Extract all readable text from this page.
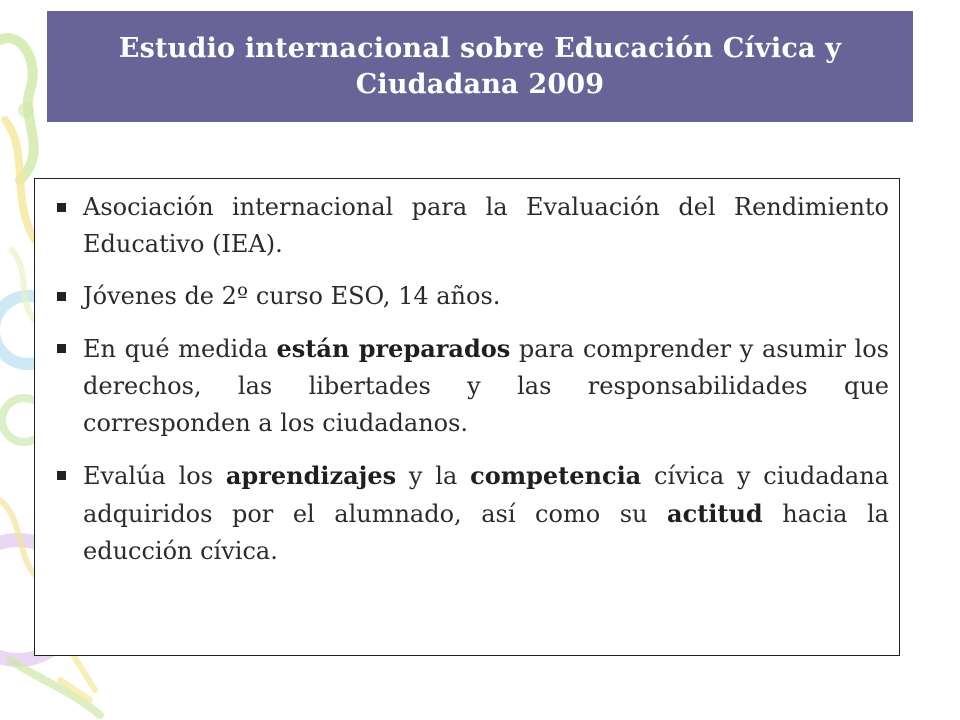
Estudio internacional sobre Educación Cívica y Ciudadana 2009
Asociación internacional para la Evaluación del Rendimiento Educativo (IEA).
Jóvenes de 2º curso ESO, 14 años.
En qué medida están preparados para comprender y asumir los derechos, las libertades y las responsabilidades que corresponden a los ciudadanos.
Evalúa los aprendizajes y la competencia cívica y ciudadana adquiridos por el alumnado, así como su actitud hacia la educción cívica.
